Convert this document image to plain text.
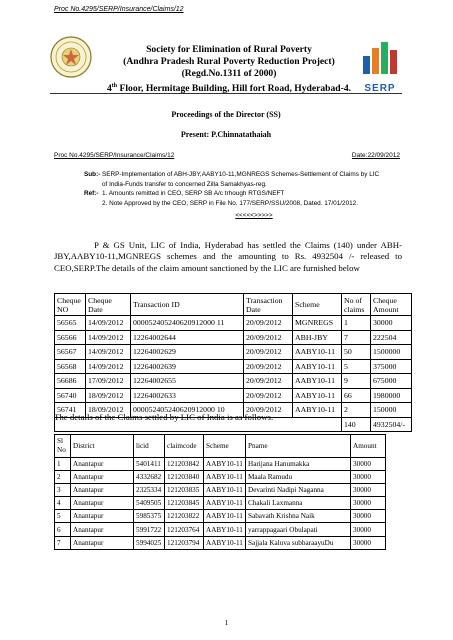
Proc No.4295/SERP/Insurance/Claims/12
Society for Elimination of Rural Poverty
(Andhra Pradesh Rural Poverty Reduction Project)
(Regd.No.1311 of 2000)
4th Floor, Hermitage Building, Hill fort Road, Hyderabad-4.	SERP
Proceedings of the Director (SS)
Present: P.Chinnatathaiah
Proc No.4295/SERP/Insurance/Claims/12	Date:22/09/2012
Sub:- SERP-Implementation of ABH-JBY,AABY10-11,MGNREGS Schemes-Settlement of Claims by LIC of India-Funds transfer to concerned Zilla Samakhyas-reg.
Ref:- 1. Amounts remitted in CEO, SERP SB A/c trhough RTGS/NEFT
2. Note Approved by the CEO, SERP in File No. 177/SERP/SSU/2008, Dated. 17/01/2012.
<<<<<>>>>>
P & GS Unit, LIC of India, Hyderabad has settled the Claims (140) under ABH-JBY,AABY10-11,MGNREGS schemes and the amounting to Rs. 4932504 /- released to CEO,SERP.The details of the claim amount sanctioned by the LIC are furnished below
Cheque NO	Cheque Date	Transaction ID	Transaction Date	Scheme	No of claims	Cheque Amount
56565	14/09/2012	000052405240620912000 11	20/09/2012	MGNREGS	1	30000
56566	14/09/2012	12264002644	20/09/2012	ABH-JBY	7	222504
56567	14/09/2012	12264002629	20/09/2012	AABY10-11	50	1500000
56568	14/09/2012	12264002639	20/09/2012	AABY10-11	5	375000
56686	17/09/2012	12264002655	20/09/2012	AABY10-11	9	675000
56740	18/09/2012	12264002633	20/09/2012	AABY10-11	66	1980000
56741	18/09/2012	000052405240620912000 10	20/09/2012	AABY10-11	2	150000
					140	4932504/-
The details of the Claims settled by LIC of India is as follows.
Sl No	District	licid	claimcode	Scheme	Pname	Amount
1	Anantapur	5401411	121203842	AABY10-11	Harijana Hanumakka	30000
2	Anantapur	4332682	121203840	AABY10-11	Maala Ramudu	30000
3	Anantapur	2325334	121203835	AABY10-11	Devarinti Nadipi Naganna	30000
4	Anantapur	5409505	121203845	AABY10-11	Chakali Laxmanna	30000
5	Anantapur	5985375	121203822	AABY10-11	Sabavath Krishna Naik	30000
6	Anantapur	5991722	121203764	AABY10-11	yarrappagaari Obulapati	30000
7	Anantapur	5994025	121203794	AABY10-11	Sajjala Kaluva subbaraayuDu	30000
1
